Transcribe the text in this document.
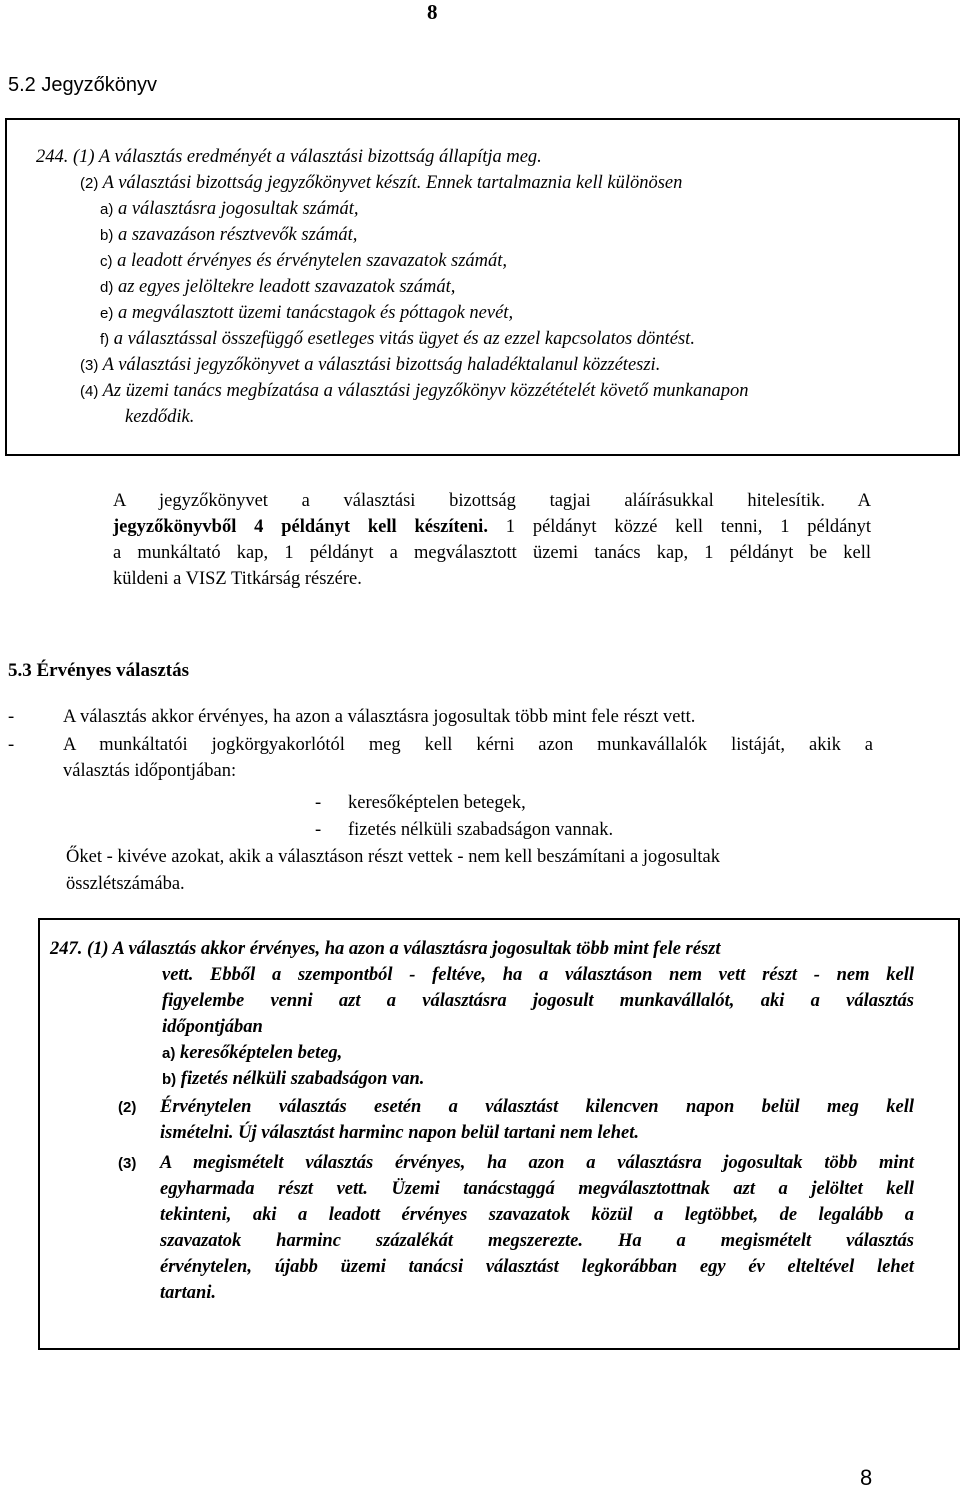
8
5.2 Jegyzőkönyv
244. (1) A választás eredményét a választási bizottság állapítja meg.
(2) A választási bizottság jegyzőkönyvet készít. Ennek tartalmaznia kell különösen
a) a választásra jogosultak számát,
b) a szavazáson résztvevők számát,
c) a leadott érvényes és érvénytelen szavazatok számát,
d) az egyes jelöltekre leadott szavazatok számát,
e) a megválasztott üzemi tanácstagok és póttagok nevét,
f) a választással összefüggő esetleges vitás ügyet és az ezzel kapcsolatos döntést.
(3) A választási jegyzőkönyvet a választási bizottság haladéktalanul közzéteszi.
(4) Az üzemi tanács megbízatása a választási jegyzőkönyv közzétételét követő munkanapon
kezdődik.
A jegyzőkönyvet a választási bizottság tagjai aláírásukkal hitelesítik. A
jegyzőkönyvből 4 példányt kell készíteni. 1 példányt közzé kell tenni, 1 példányt
a munkáltató kap, 1 példányt a megválasztott üzemi tanács kap, 1 példányt be kell
küldeni a VISZ Titkárság részére.
5.3 Érvényes választás
-	A választás akkor érvényes, ha azon a választásra jogosultak több mint fele részt vett.
-	A munkáltatói jogkörgyakorlótól meg kell kérni azon munkavállalók listáját, akik a
választás időpontjában:
- keresőképtelen betegek,
- fizetés nélküli szabadságon vannak.
Őket - kivéve azokat, akik a választáson részt vettek - nem kell beszámítani a jogosultak
összlétszámába.
247. (1) A választás akkor érvényes, ha azon a választásra jogosultak több mint fele részt
vett. Ebből a szempontból - feltéve, ha a választáson nem vett részt - nem kell
figyelembe venni azt a választásra jogosult munkavállalót, aki a választás
időpontjában
a) keresőképtelen beteg,
b) fizetés nélküli szabadságon van.
(2) Érvénytelen választás esetén a választást kilencven napon belül meg kell
ismételni. Új választást harminc napon belül tartani nem lehet.
(3) A megismételt választás érvényes, ha azon a választásra jogosultak több mint
egyharmada részt vett. Üzemi tanácstaggá megválasztottnak azt a jelöltet kell
tekinteni, aki a leadott érvényes szavazatok közül a legtöbbet, de legalább a
szavazatok harminc százalékát megszerezte. Ha a megismételt választás
érvénytelen, újabb üzemi tanácsi választást legkorábban egy év elteltével lehet
tartani.
8
